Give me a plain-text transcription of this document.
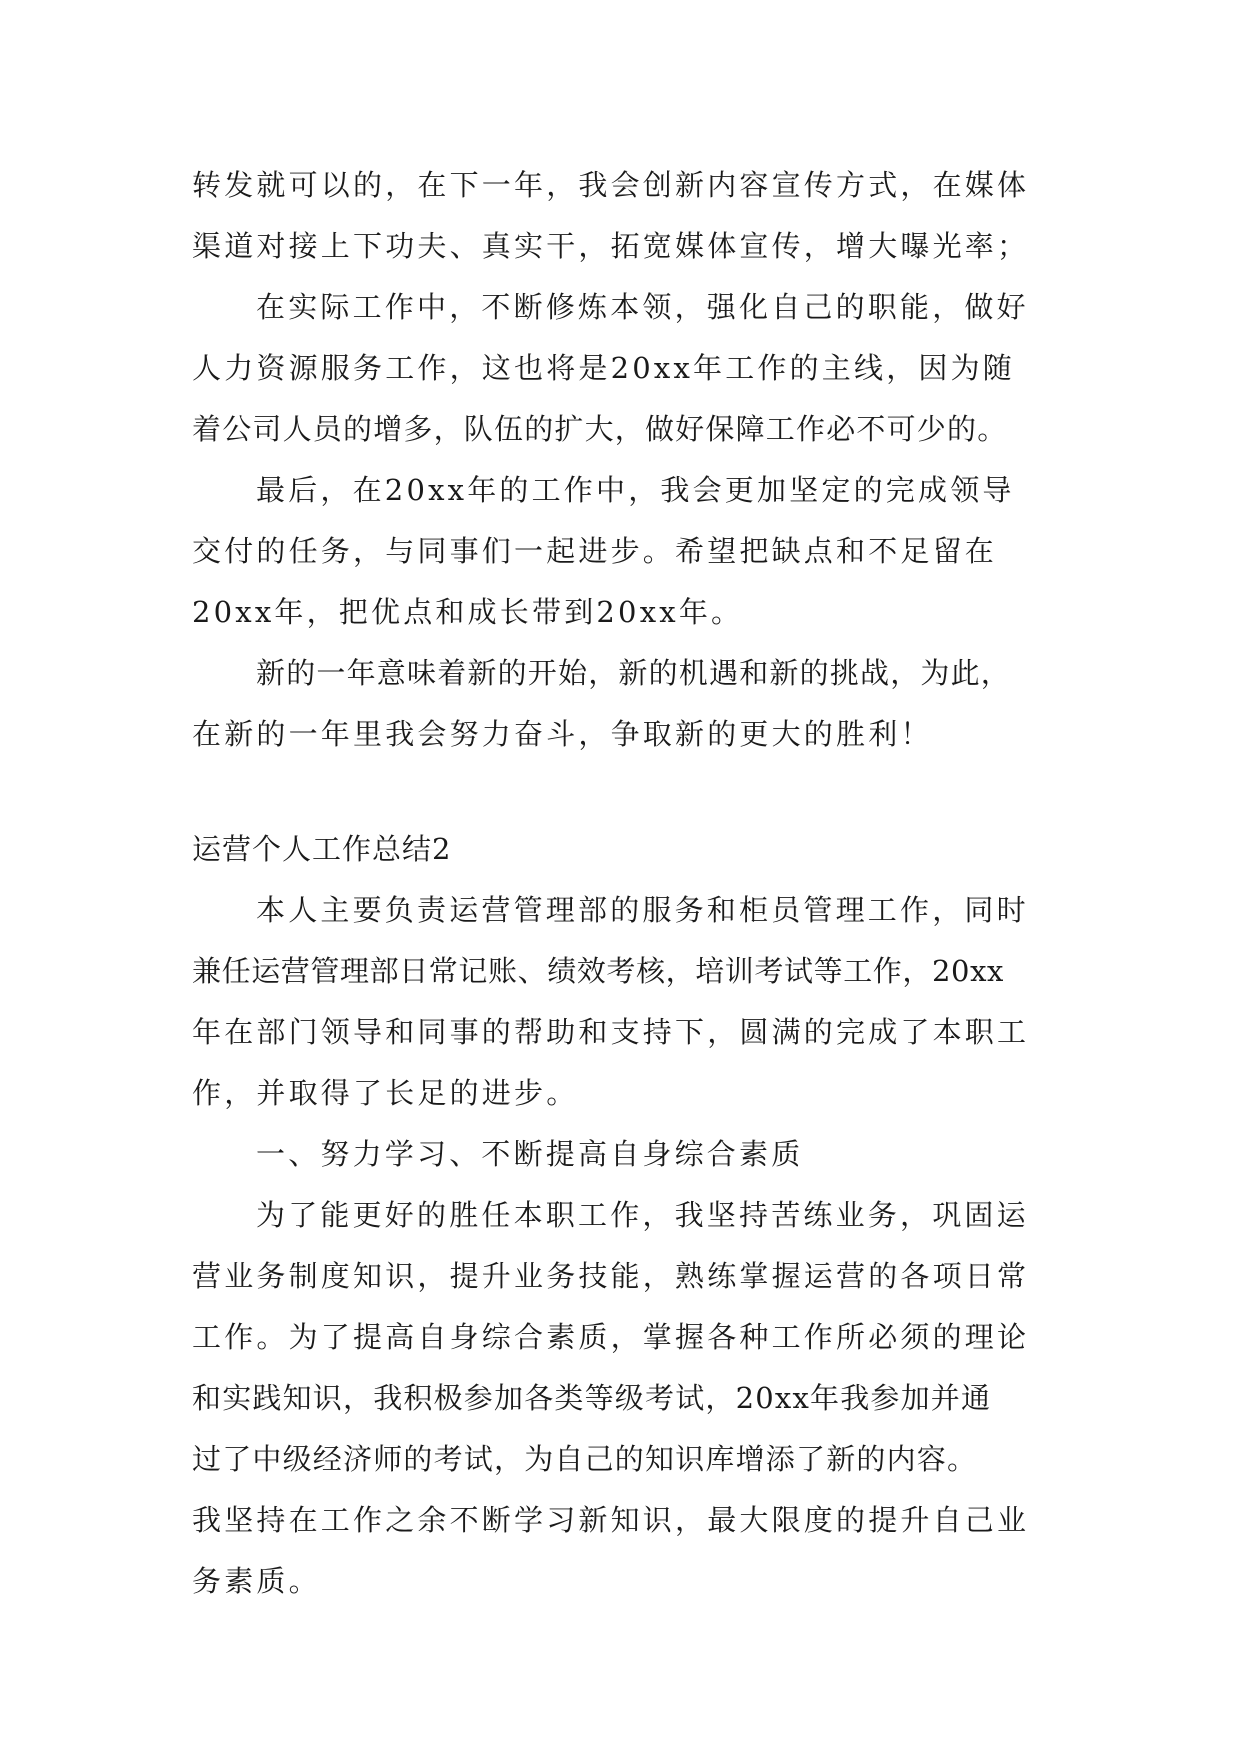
转发就可以的，在下一年，我会创新内容宣传方式，在媒体
渠道对接上下功夫、真实干，拓宽媒体宣传，增大曝光率；
在实际工作中，不断修炼本领，强化自己的职能，做好
人力资源服务工作，这也将是20xx年工作的主线，因为随
着公司人员的增多，队伍的扩大，做好保障工作必不可少的。
最后，在20xx年的工作中，我会更加坚定的完成领导
交付的任务，与同事们一起进步。希望把缺点和不足留在
20xx年，把优点和成长带到20xx年。
新的一年意味着新的开始，新的机遇和新的挑战，为此，
在新的一年里我会努力奋斗，争取新的更大的胜利！
运营个人工作总结2
本人主要负责运营管理部的服务和柜员管理工作，同时
兼任运营管理部日常记账、绩效考核，培训考试等工作，20xx
年在部门领导和同事的帮助和支持下，圆满的完成了本职工
作，并取得了长足的进步。
一、努力学习、不断提高自身综合素质
为了能更好的胜任本职工作，我坚持苦练业务，巩固运
营业务制度知识，提升业务技能，熟练掌握运营的各项日常
工作。为了提高自身综合素质，掌握各种工作所必须的理论
和实践知识，我积极参加各类等级考试，20xx年我参加并通
过了中级经济师的考试，为自己的知识库增添了新的内容。
我坚持在工作之余不断学习新知识，最大限度的提升自己业
务素质。
